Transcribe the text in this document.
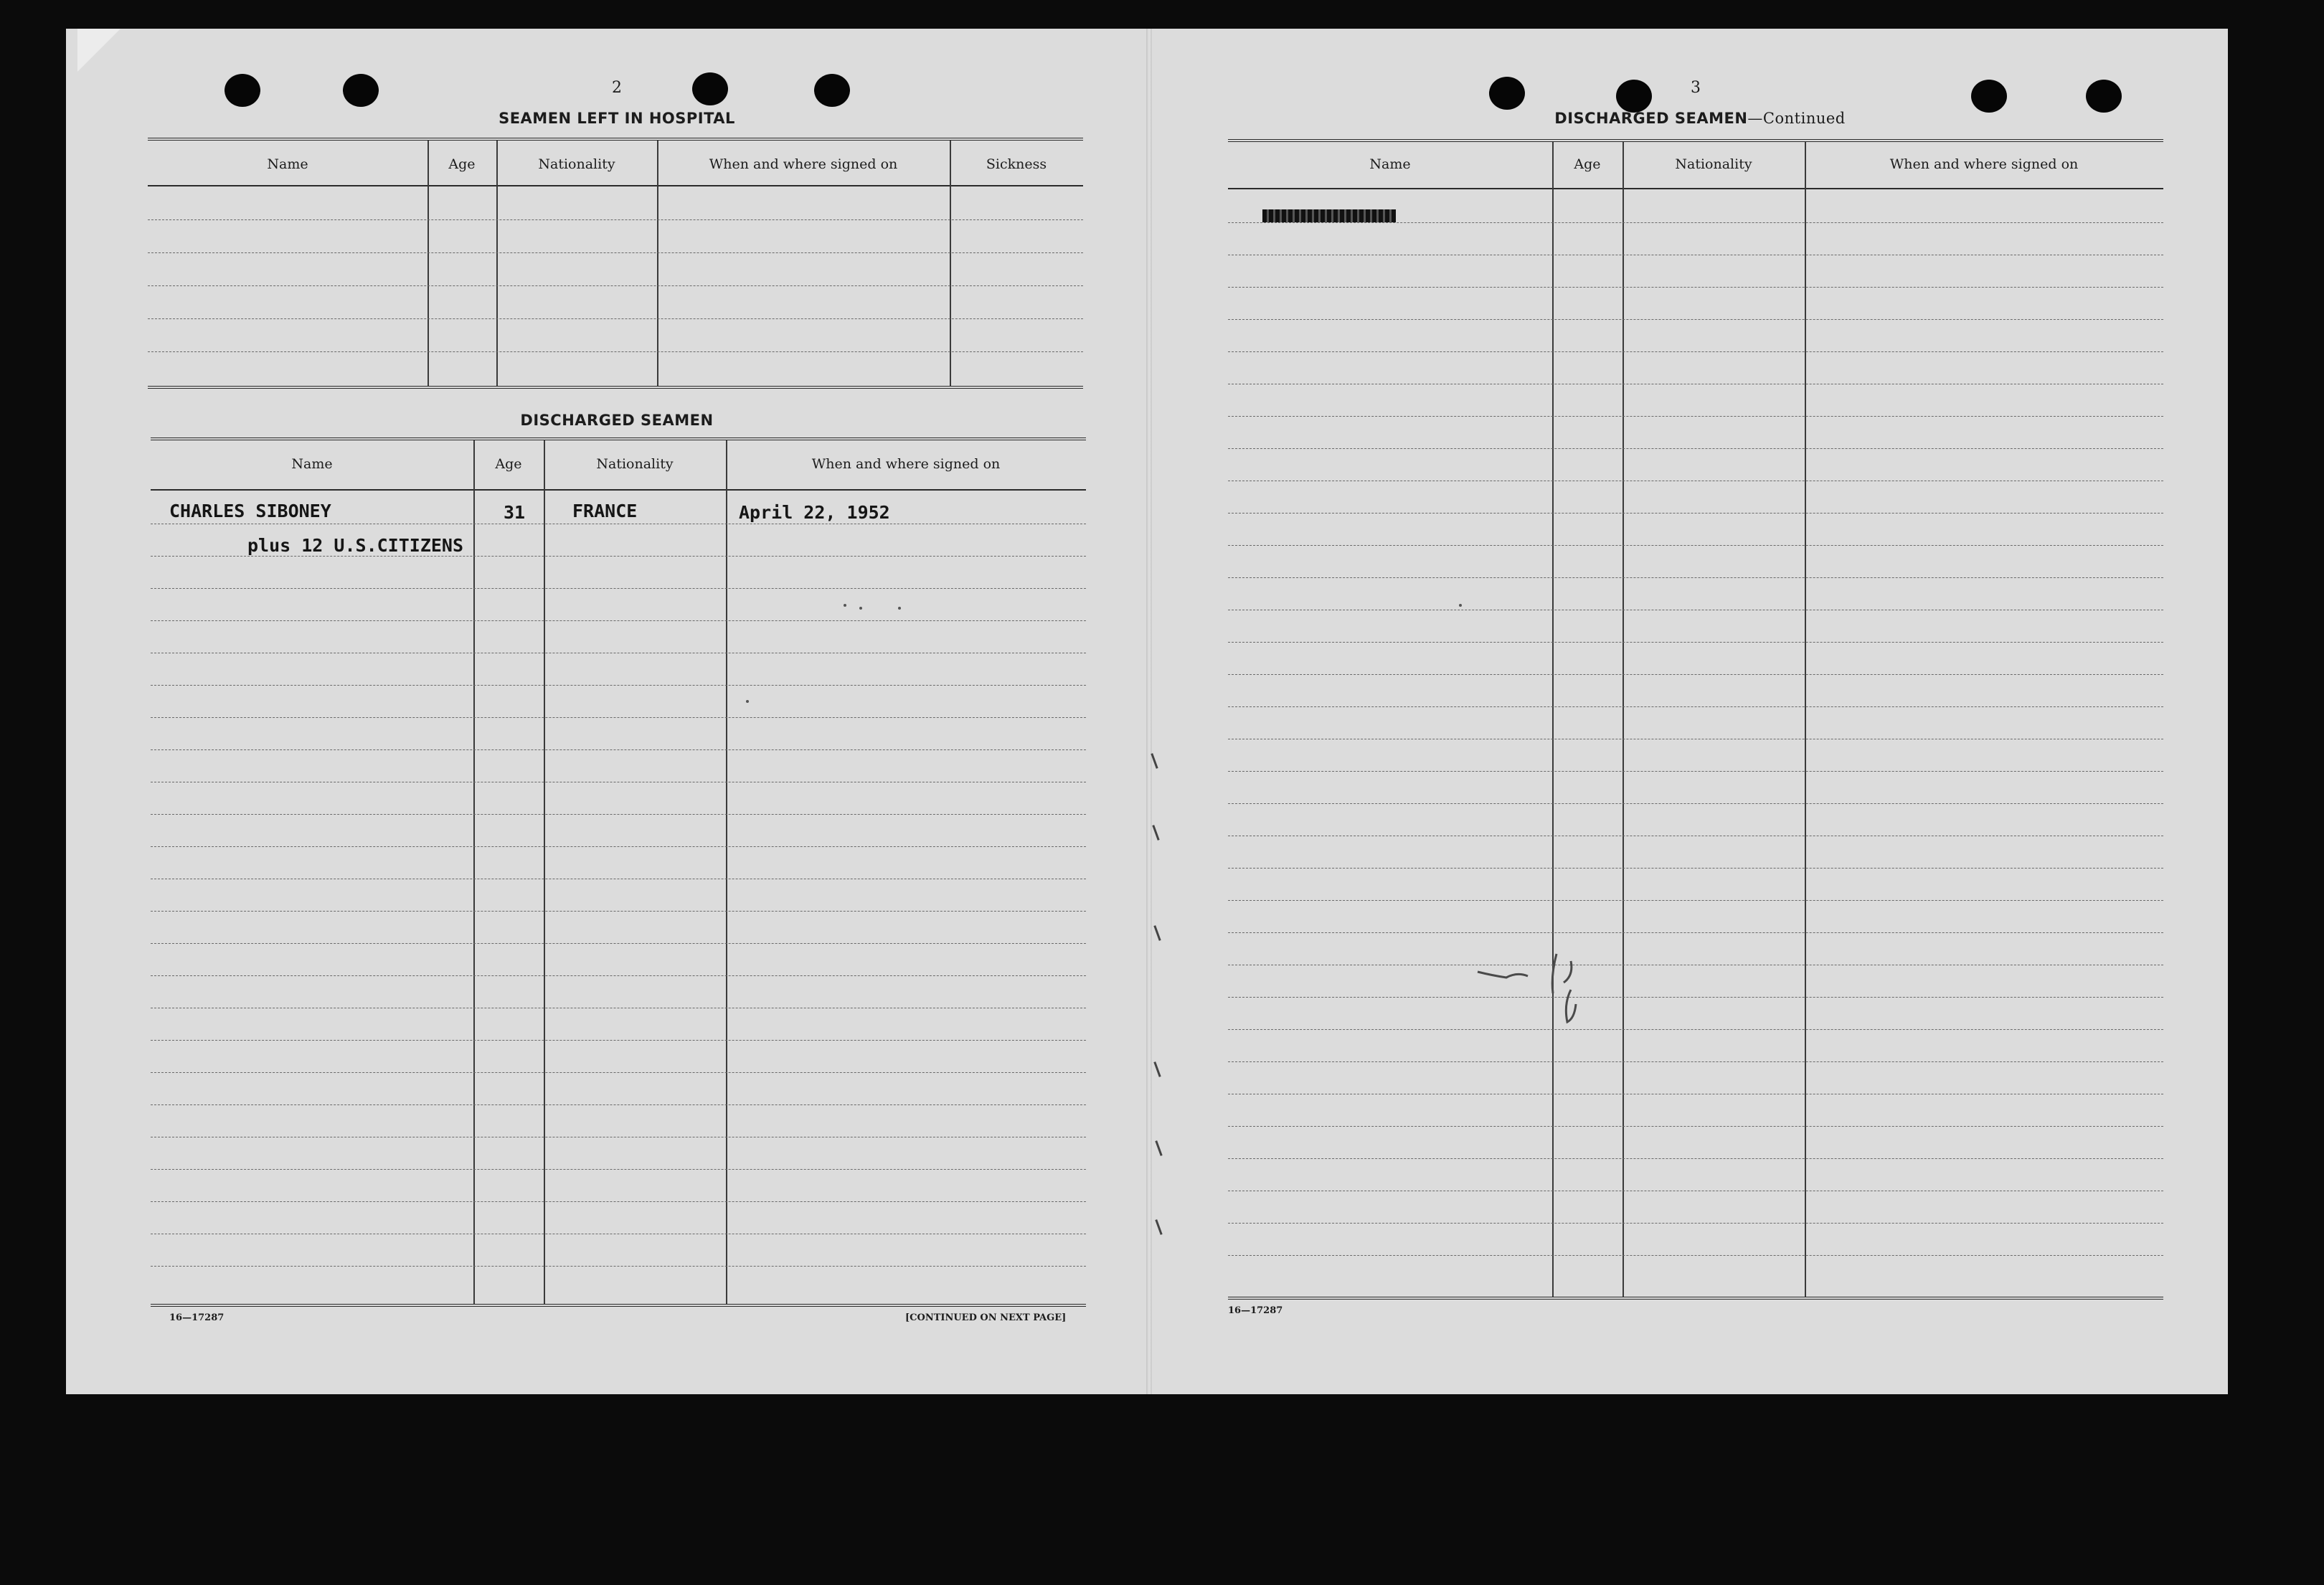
2
SEAMEN LEFT IN HOSPITAL
Name	Age	Nationality	When and where signed on	Sickness
DISCHARGED SEAMEN
Name	Age	Nationality	When and where signed on
CHARLES SIBONEY	31	FRANCE	April 22, 1952
plus 12 U.S.CITIZENS
16—17287	[CONTINUED ON NEXT PAGE]
3
DISCHARGED SEAMEN—Continued
Name	Age	Nationality	When and where signed on
16—17287
